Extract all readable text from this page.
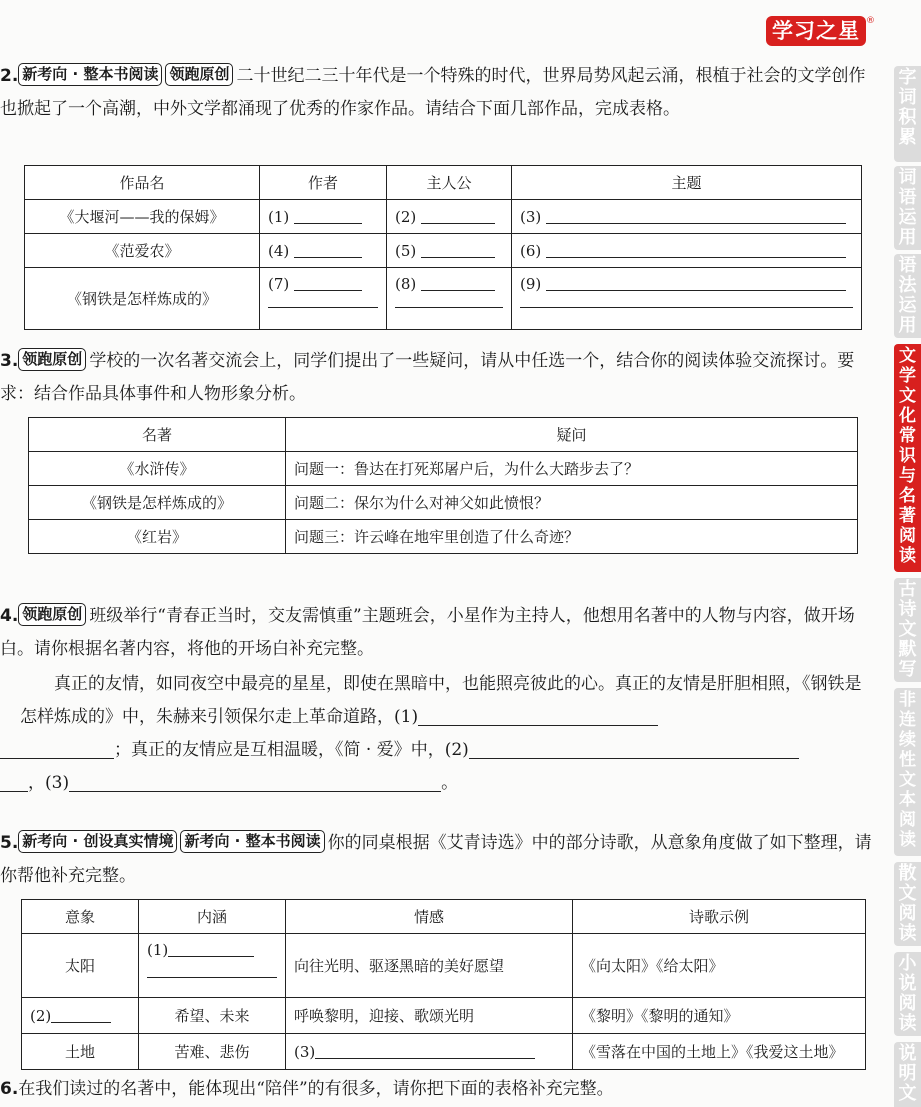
学习之星 ®
2. 新考向 · 整本书阅读 领跑原创 二十世纪二三十年代是一个特殊的时代，世界局势风起云涌，根植于社会的文学创作也掀起了一个高潮，中外文学都涌现了优秀的作家作品。请结合下面几部作品，完成表格。
作品名	作者	主人公	主题
《大堰河——我的保姆》	(1)	(2)	(3)
《范爱农》	(4)	(5)	(6)
《钢铁是怎样炼成的》	(7)	(8)	(9)
3. 领跑原创 学校的一次名著交流会上，同学们提出了一些疑问，请从中任选一个，结合你的阅读体验交流探讨。要求：结合作品具体事件和人物形象分析。
名著	疑问
《水浒传》	问题一：鲁达在打死郑屠户后，为什么大踏步去了？
《钢铁是怎样炼成的》	问题二：保尔为什么对神父如此愤恨？
《红岩》	问题三：许云峰在地牢里创造了什么奇迹？
4. 领跑原创 班级举行“青春正当时，交友需慎重”主题班会，小星作为主持人，他想用名著中的人物与内容，做开场白。请你根据名著内容，将他的开场白补充完整。
真正的友情，如同夜空中最亮的星星，即使在黑暗中，也能照亮彼此的心。真正的友情是肝胆相照，《钢铁是怎样炼成的》中，朱赫来引领保尔走上革命道路，(1)
；真正的友情应是互相温暖，《简 · 爱》中，(2)
，(3)	。
5. 新考向 · 创设真实情境 新考向 · 整本书阅读 你的同桌根据《艾青诗选》中的部分诗歌，从意象角度做了如下整理，请你帮他补充完整。
意象	内涵	情感	诗歌示例
太阳	(1)	向往光明、驱逐黑暗的美好愿望	《向太阳》《给太阳》
(2)	希望、未来	呼唤黎明，迎接、歌颂光明	《黎明》《黎明的通知》
土地	苦难、悲伤	(3)	《雪落在中国的土地上》《我爱这土地》
6.在我们读过的名著中，能体现出“陪伴”的有很多，请你把下面的表格补充完整。
字词积累
词语运用
语法运用
文学文化常识与名著阅读
古诗文默写
非连续性文本阅读
散文阅读
小说阅读
说明文
